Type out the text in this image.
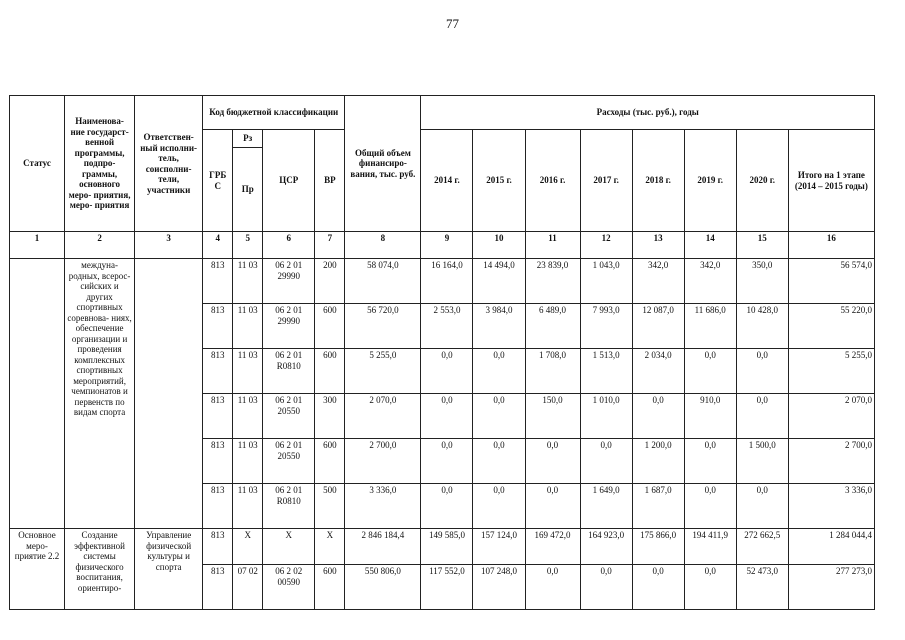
77
Статус	Наименова- ние государст- венной программы, подпро- граммы, основного меро- приятия, меро- приятия	Ответствен- ный исполни- тель, соисполни- тели, участники	Код бюджетной классификации				Общий объем финансиро- вания, тыс. руб.	Расходы (тыс. руб.), годы							
			ГРБ С	Рз	ЦСР	ВР		2014 г.	2015 г.	2016 г.	2017 г.	2018 г.	2019 г.	2020 г.	Итого на 1 этапе (2014 – 2015 годы)
				Пр											
1	2	3	4	5	6	7	8	9	10	11	12	13	14	15	16
	междуна- родных, всерос- сийских и других спортивных соревнова- ниях, обеспечение организации и проведения комплексных спортивных мероприятий, чемпионатов и первенств по видам спорта		813	11 03	06 2 01 29990	200	58 074,0	16 164,0	14 494,0	23 839,0	1 043,0	342,0	342,0	350,0	56 574,0
			813	11 03	06 2 01 29990	600	56 720,0	2 553,0	3 984,0	6 489,0	7 993,0	12 087,0	11 686,0	10 428,0	55 220,0
			813	11 03	06 2 01 R0810	600	5 255,0	0,0	0,0	1 708,0	1 513,0	2 034,0	0,0	0,0	5 255,0
			813	11 03	06 2 01 20550	300	2 070,0	0,0	0,0	150,0	1 010,0	0,0	910,0	0,0	2 070,0
			813	11 03	06 2 01 20550	600	2 700,0	0,0	0,0	0,0	0,0	1 200,0	0,0	1 500,0	2 700,0
			813	11 03	06 2 01 R0810	500	3 336,0	0,0	0,0	0,0	1 649,0	1 687,0	0,0	0,0	3 336,0
Основное меро- приятие 2.2	Создание эффективной системы физического воспитания, ориентиро-	Управление физической культуры и спорта	813	X	X	X	2 846 184,4	149 585,0	157 124,0	169 472,0	164 923,0	175 866,0	194 411,9	272 662,5	1 284 044,4
			813	07 02	06 2 02 00590	600	550 806,0	117 552,0	107 248,0	0,0	0,0	0,0	0,0	52 473,0	277 273,0
